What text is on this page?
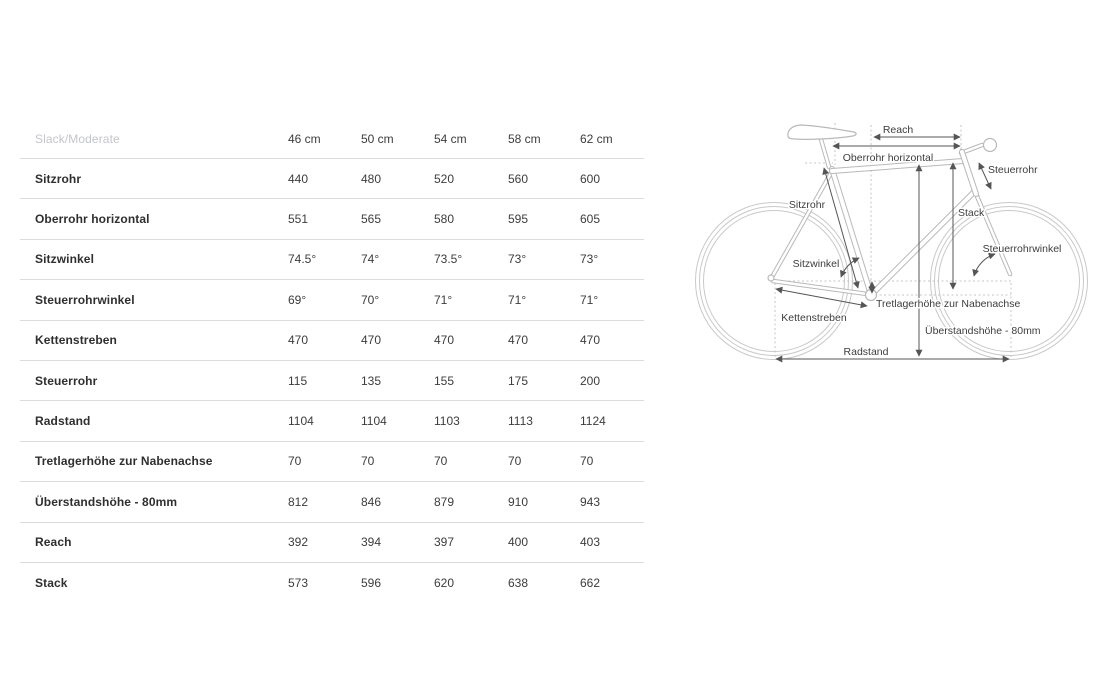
Slack/Moderate	46 cm	50 cm	54 cm	58 cm	62 cm
Sitzrohr	440	480	520	560	600
Oberrohr horizontal	551	565	580	595	605
Sitzwinkel	74.5°	74°	73.5°	73°	73°
Steuerrohrwinkel	69°	70°	71°	71°	71°
Kettenstreben	470	470	470	470	470
Steuerrohr	115	135	155	175	200
Radstand	1104	1104	1103	1113	1124
Tretlagerhöhe zur Nabenachse	70	70	70	70	70
Überstandshöhe - 80mm	812	846	879	910	943
Reach	392	394	397	400	403
Stack	573	596	620	638	662
Reach
Oberrohr horizontal
Steuerrohr
Sitzrohr
Stack
Steuerrohrwinkel
Sitzwinkel
Tretlagerhöhe zur Nabenachse
Kettenstreben
Überstandshöhe - 80mm
Radstand
